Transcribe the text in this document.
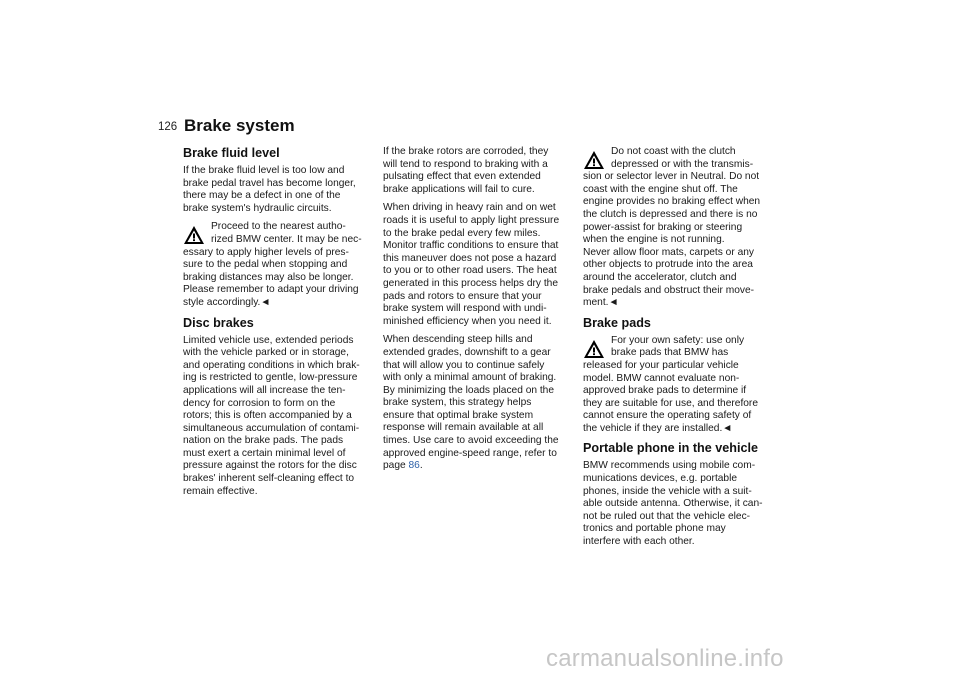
126 Brake system
Brake fluid level

If the brake fluid level is too low and
brake pedal travel has become longer,
there may be a defect in one of the
brake system's hydraulic circuits.

Proceed to the nearest autho-
rized BMW center. It may be nec-
essary to apply higher levels of pres-
sure to the pedal when stopping and
braking distances may also be longer.
Please remember to adapt your driving
style accordingly.◄

Disc brakes

Limited vehicle use, extended periods
with the vehicle parked or in storage,
and operating conditions in which brak-
ing is restricted to gentle, low-pressure
applications will all increase the ten-
dency for corrosion to form on the
rotors; this is often accompanied by a
simultaneous accumulation of contami-
nation on the brake pads. The pads
must exert a certain minimal level of
pressure against the rotors for the disc
brakes' inherent self-cleaning effect to
remain effective.

If the brake rotors are corroded, they
will tend to respond to braking with a
pulsating effect that even extended
brake applications will fail to cure.

When driving in heavy rain and on wet
roads it is useful to apply light pressure
to the brake pedal every few miles.
Monitor traffic conditions to ensure that
this maneuver does not pose a hazard
to you or to other road users. The heat
generated in this process helps dry the
pads and rotors to ensure that your
brake system will respond with undi-
minished efficiency when you need it.

When descending steep hills and
extended grades, downshift to a gear
that will allow you to continue safely
with only a minimal amount of braking.
By minimizing the loads placed on the
brake system, this strategy helps
ensure that optimal brake system
response will remain available at all
times. Use care to avoid exceeding the
approved engine-speed range, refer to
page 86.

Do not coast with the clutch
depressed or with the transmis-
sion or selector lever in Neutral. Do not
coast with the engine shut off. The
engine provides no braking effect when
the clutch is depressed and there is no
power-assist for braking or steering
when the engine is not running.
Never allow floor mats, carpets or any
other objects to protrude into the area
around the accelerator, clutch and
brake pedals and obstruct their move-
ment.◄

Brake pads

For your own safety: use only
brake pads that BMW has
released for your particular vehicle
model. BMW cannot evaluate non-
approved brake pads to determine if
they are suitable for use, and therefore
cannot ensure the operating safety of
the vehicle if they are installed.◄

Portable phone in the vehicle

BMW recommends using mobile com-
munications devices, e.g. portable
phones, inside the vehicle with a suit-
able outside antenna. Otherwise, it can-
not be ruled out that the vehicle elec-
tronics and portable phone may
interfere with each other.

carmanualsonline.info
